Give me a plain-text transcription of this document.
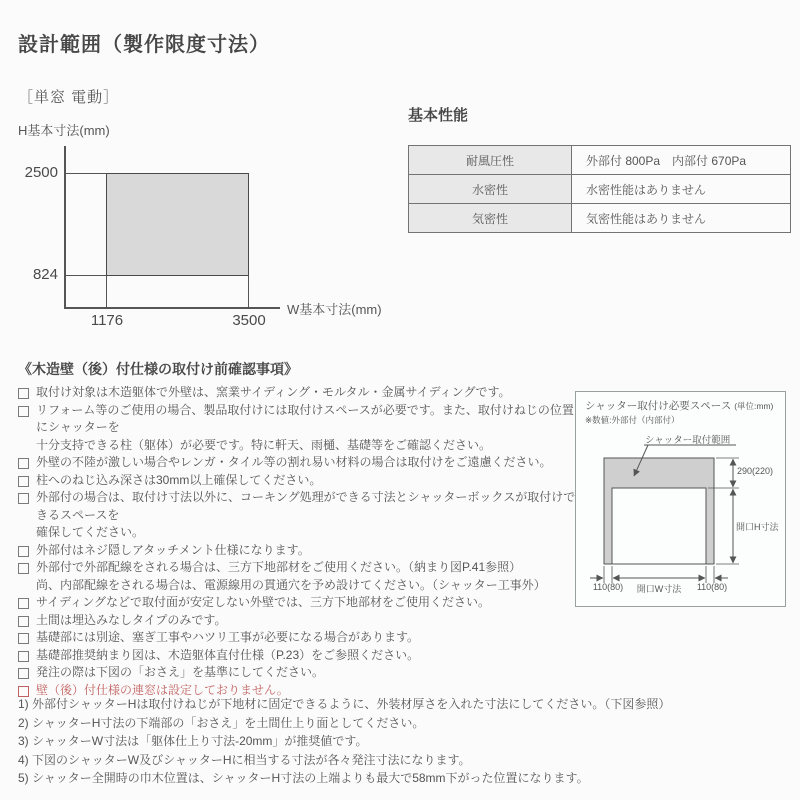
設計範囲（製作限度寸法）
［単窓 電動］
H基本寸法(mm)
2500
824
1176	3500
W基本寸法(mm)
基本性能
耐風圧性	外部付 800Pa　内部付 670Pa
水密性	水密性能はありません
気密性	気密性能はありません
《木造壁（後）付仕様の取付け前確認事項》
取付け対象は木造躯体で外壁は、窯業サイディング・モルタル・金属サイディングです。
リフォーム等のご使用の場合、製品取付けには取付けスペースが必要です。また、取付けねじの位置にシャッターを
十分支持できる柱（躯体）が必要です。特に軒天、雨樋、基礎等をご確認ください。
外壁の不陸が激しい場合やレンガ・タイル等の割れ易い材料の場合は取付けをご遠慮ください。
柱へのねじ込み深さは30mm以上確保してください。
外部付の場合は、取付け寸法以外に、コーキング処理ができる寸法とシャッターボックスが取付けできるスペースを
確保してください。
外部付はネジ隠しアタッチメント仕様になります。
外部付で外部配線をされる場合は、三方下地部材をご使用ください。（納まり図P.41参照）
尚、内部配線をされる場合は、電源線用の貫通穴を予め設けてください。（シャッター工事外）
サイディングなどで取付面が安定しない外壁では、三方下地部材をご使用ください。
土間は埋込みなしタイプのみです。
基礎部には別途、塞ぎ工事やハツリ工事が必要になる場合があります。
基礎部推奨納まり図は、木造躯体直付仕様（P.23）をご参照ください。
発注の際は下図の「おさえ」を基準にしてください。
壁（後）付仕様の連窓は設定しておりません。
1) 外部付シャッターHは取付けねじが下地材に固定できるように、外装材厚さを入れた寸法にしてください。（下図参照）
2) シャッターH寸法の下端部の「おさえ」を土間仕上り面としてください。
3) シャッターW寸法は「躯体仕上り寸法-20mm」が推奨値です。
4) 下図のシャッターW及びシャッターHに相当する寸法が各々発注寸法になります。
5) シャッター全開時の巾木位置は、シャッターH寸法の上端よりも最大で58mm下がった位置になります。
シャッター取付け必要スペース (単位:mm)
※数値:外部付（内部付）
シャッター取付範囲
290(220)
開口H寸法
110(80)	開口W寸法	110(80)
